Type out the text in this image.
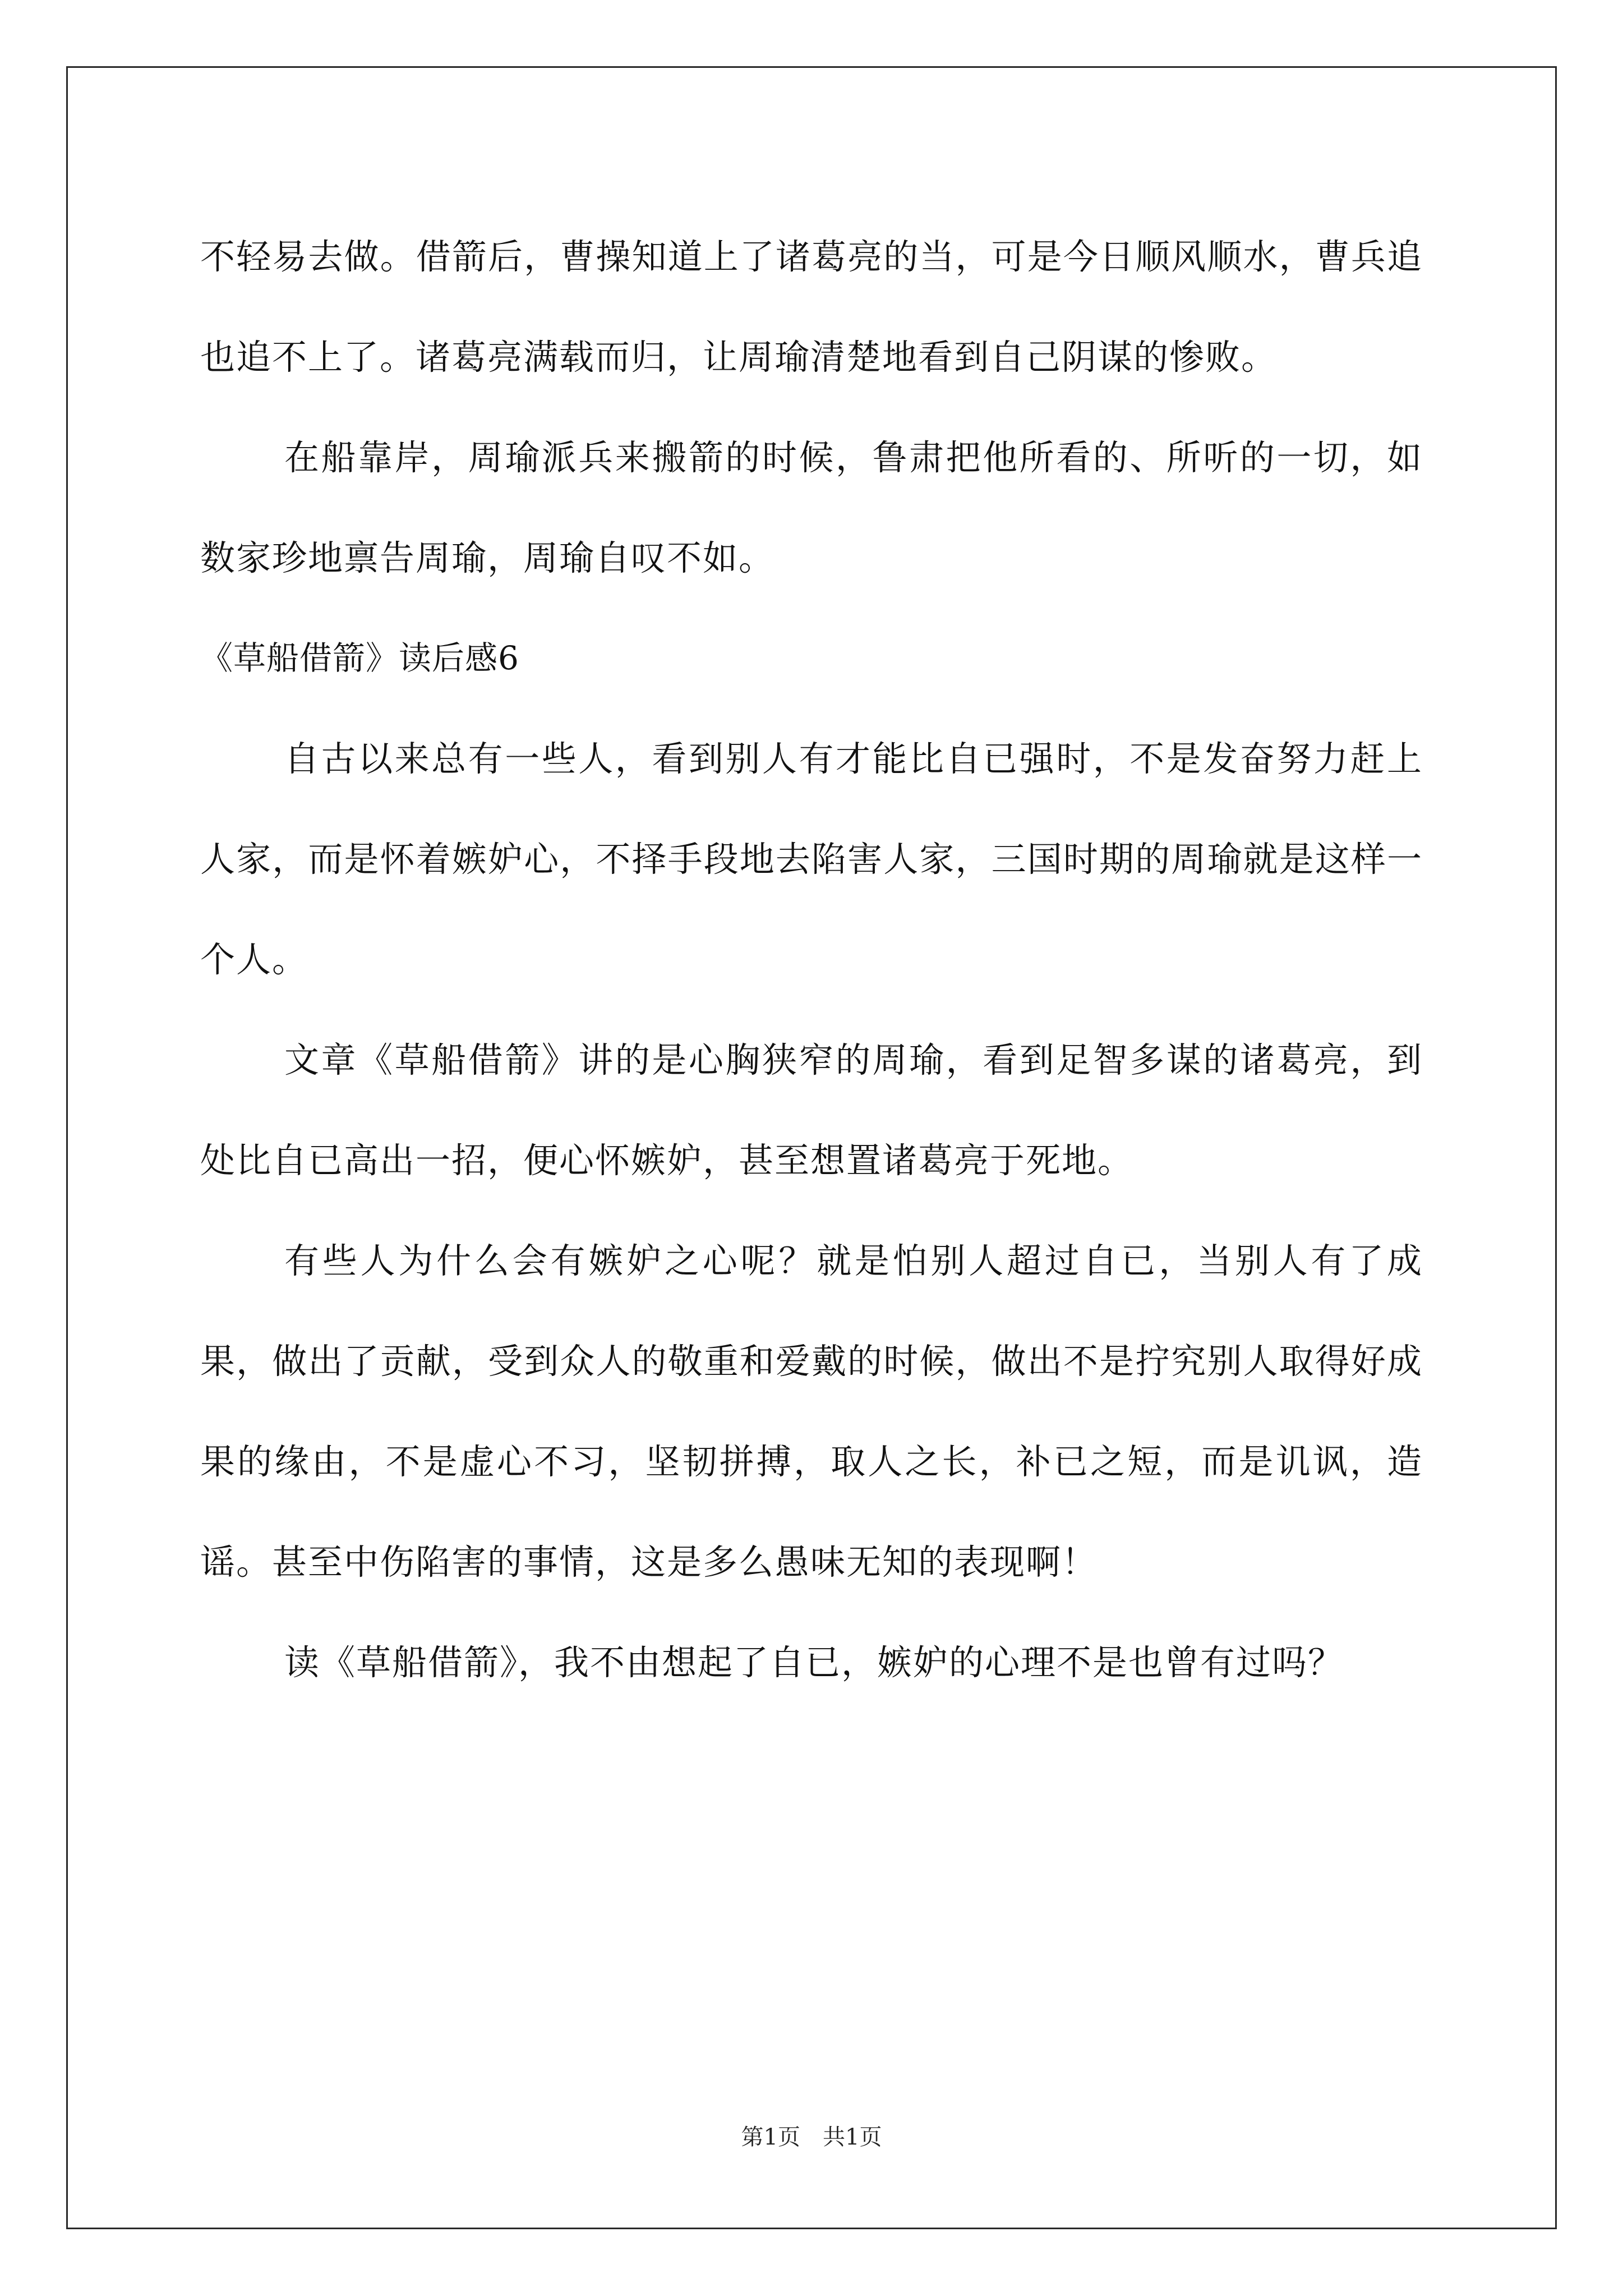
不轻易去做。借箭后，曹操知道上了诸葛亮的当，可是今日顺风顺水，曹兵追也追不上了。诸葛亮满载而归，让周瑜清楚地看到自己阴谋的惨败。

在船靠岸，周瑜派兵来搬箭的时候，鲁肃把他所看的、所听的一切，如数家珍地禀告周瑜，周瑜自叹不如。

《草船借箭》读后感6

自古以来总有一些人，看到别人有才能比自已强时，不是发奋努力赶上人家，而是怀着嫉妒心，不择手段地去陷害人家，三国时期的周瑜就是这样一个人。

文章《草船借箭》讲的是心胸狭窄的周瑜，看到足智多谋的诸葛亮，到处比自已高出一招，便心怀嫉妒，甚至想置诸葛亮于死地。

有些人为什么会有嫉妒之心呢？就是怕别人超过自已，当别人有了成果，做出了贡献，受到众人的敬重和爱戴的时候，做出不是拧究别人取得好成果的缘由，不是虚心不习，坚韧拼搏，取人之长，补已之短，而是讥讽，造谣。甚至中伤陷害的事情，这是多么愚味无知的表现啊！

读《草船借箭》，我不由想起了自已，嫉妒的心理不是也曾有过吗？

第1页 共1页
